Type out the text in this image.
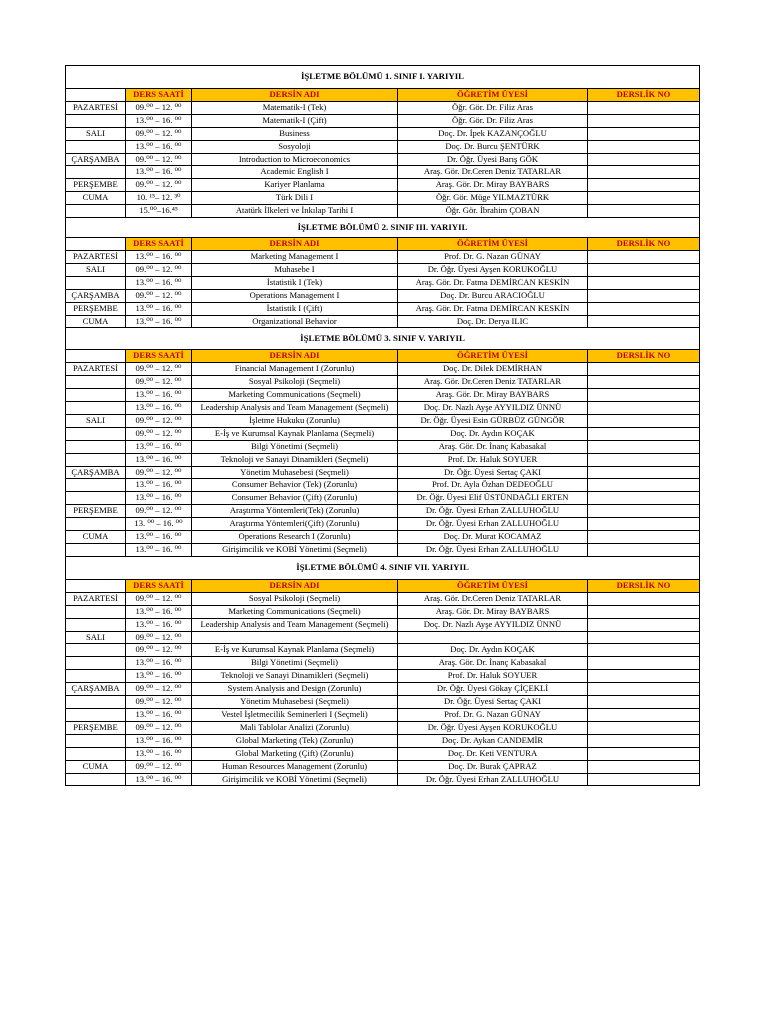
İŞLETME BÖLÜMÜ 1. SINIF I. YARIYIL				
	DERS SAATİ	DERSİN ADI	ÖĞRETİM ÜYESİ	DERSLİK NO
PAZARTESİ	09.⁰⁰ – 12. ⁰⁰	Matematik-I (Tek)	Öğr. Gör. Dr. Filiz Aras	
	13.⁰⁰ – 16. ⁰⁰	Matematik-I (Çift)	Öğr. Gör. Dr. Filiz Aras	
SALI	09.⁰⁰ – 12. ⁰⁰	Business	Doç. Dr. İpek KAZANÇOĞLU	
	13.⁰⁰ – 16. ⁰⁰	Sosyoloji	Doç. Dr. Burcu ŞENTÜRK	
ÇARŞAMBA	09.⁰⁰ – 12. ⁰⁰	Introduction to Microeconomics	Dr. Öğr. Üyesi Barış GÖK	
	13.⁰⁰ – 16. ⁰⁰	Academic English I	Araş. Gör. Dr.Ceren Deniz TATARLAR	
PERŞEMBE	09.⁰⁰ – 12. ⁰⁰	Kariyer Planlama	Araş. Gör. Dr. Miray BAYBARS	
CUMA	10. ¹⁵– 12. ³⁰	Türk Dili I	Öğr. Gör. Müge YILMAZTÜRK	
	15.⁰⁰–16.⁴⁵	Atatürk İlkeleri ve İnkılap Tarihi I	Öğr. Gör. İbrahim ÇOBAN	
İŞLETME BÖLÜMÜ 2. SINIF III. YARIYIL				
	DERS SAATİ	DERSİN ADI	ÖĞRETİM ÜYESİ	DERSLİK NO
PAZARTESİ	13.⁰⁰ – 16. ⁰⁰	Marketing Management I	Prof. Dr. G. Nazan GÜNAY	
SALI	09.⁰⁰ – 12. ⁰⁰	Muhasebe I	Dr. Öğr. Üyesi Ayşen KORUKOĞLU	
	13.⁰⁰ – 16. ⁰⁰	İstatistik I (Tek)	Araş. Gör. Dr. Fatma DEMİRCAN KESKİN	
ÇARŞAMBA	09.⁰⁰ – 12. ⁰⁰	Operations Management I	Doç. Dr. Burcu ARACIOĞLU	
PERŞEMBE	13.⁰⁰ – 16. ⁰⁰	İstatistik I (Çift)	Araş. Gör. Dr. Fatma DEMİRCAN KESKİN	
CUMA	13.⁰⁰ – 16. ⁰⁰	Organizational Behavior	Doç. Dr. Derya ILIC	
İŞLETME BÖLÜMÜ 3. SINIF V. YARIYIL				
	DERS SAATİ	DERSİN ADI	ÖĞRETİM ÜYESİ	DERSLİK NO
PAZARTESİ	09.⁰⁰ – 12. ⁰⁰	Financial Management I (Zorunlu)	Doç. Dr. Dilek DEMİRHAN	
	09.⁰⁰ – 12. ⁰⁰	Sosyal Psikoloji (Seçmeli)	Araş. Gör. Dr.Ceren Deniz TATARLAR	
	13.⁰⁰ – 16. ⁰⁰	Marketing Communications (Seçmeli)	Araş. Gör. Dr. Miray BAYBARS	
	13.⁰⁰ – 16. ⁰⁰	Leadership Analysis and Team Management (Seçmeli)	Doç. Dr. Nazlı Ayşe AYYILDIZ ÜNNÜ	
SALI	09.⁰⁰ – 12. ⁰⁰	İşletme Hukuku (Zorunlu)	Dr. Öğr. Üyesi Esin GÜRBÜZ GÜNGÖR	
	09.⁰⁰ – 12. ⁰⁰	E-İş ve Kurumsal Kaynak Planlama (Seçmeli)	Doç. Dr. Aydın KOÇAK	
	13.⁰⁰ – 16. ⁰⁰	Bilgi Yönetimi (Seçmeli)	Araş. Gör. Dr. İnanç Kabasakal	
	13.⁰⁰ – 16. ⁰⁰	Teknoloji ve Sanayi Dinamikleri (Seçmeli)	Prof. Dr. Haluk SOYUER	
ÇARŞAMBA	09.⁰⁰ – 12. ⁰⁰	Yönetim Muhasebesi (Seçmeli)	Dr. Öğr. Üyesi Sertaç ÇAKI	
	13.⁰⁰ – 16. ⁰⁰	Consumer Behavior (Tek) (Zorunlu)	Prof. Dr. Ayla Özhan DEDEOĞLU	
	13.⁰⁰ – 16. ⁰⁰	Consumer Behavior (Çift) (Zorunlu)	Dr. Öğr. Üyesi Elif ÜSTÜNDAĞLI ERTEN	
PERŞEMBE	09.⁰⁰ – 12. ⁰⁰	Araştırma Yöntemleri(Tek) (Zorunlu)	Dr. Öğr. Üyesi Erhan ZALLUHOĞLU	
	13. ⁰⁰ – 16. ⁰⁰	Araştırma Yöntemleri(Çift) (Zorunlu)	Dr. Öğr. Üyesi Erhan ZALLUHOĞLU	
CUMA	13.⁰⁰ – 16. ⁰⁰	Operations Research I (Zorunlu)	Doç. Dr. Murat KOCAMAZ	
	13.⁰⁰ – 16. ⁰⁰	Girişimcilik ve KOBİ Yönetimi (Seçmeli)	Dr. Öğr. Üyesi Erhan ZALLUHOĞLU	
İŞLETME BÖLÜMÜ 4. SINIF VII. YARIYIL				
	DERS SAATİ	DERSİN ADI	ÖĞRETİM ÜYESİ	DERSLİK NO
PAZARTESİ	09.⁰⁰ – 12. ⁰⁰	Sosyal Psikoloji (Seçmeli)	Araş. Gör. Dr.Ceren Deniz TATARLAR	
	13.⁰⁰ – 16. ⁰⁰	Marketing Communications (Seçmeli)	Araş. Gör. Dr. Miray BAYBARS	
	13.⁰⁰ – 16. ⁰⁰	Leadership Analysis and Team Management (Seçmeli)	Doç. Dr. Nazlı Ayşe AYYILDIZ ÜNNÜ	
SALI	09.⁰⁰ – 12. ⁰⁰			
	09.⁰⁰ – 12. ⁰⁰	E-İş ve Kurumsal Kaynak Planlama (Seçmeli)	Doç. Dr. Aydın KOÇAK	
	13.⁰⁰ – 16. ⁰⁰	Bilgi Yönetimi (Seçmeli)	Araş. Gör. Dr. İnanç Kabasakal	
	13.⁰⁰ – 16. ⁰⁰	Teknoloji ve Sanayi Dinamikleri (Seçmeli)	Prof. Dr. Haluk SOYUER	
ÇARŞAMBA	09.⁰⁰ – 12. ⁰⁰	System Analysis and Design (Zorunlu)	Dr. Öğr. Üyesi Gökay ÇİÇEKLİ	
	09.⁰⁰ – 12. ⁰⁰	Yönetim Muhasebesi (Seçmeli)	Dr. Öğr. Üyesi Sertaç ÇAKI	
	13.⁰⁰ – 16. ⁰⁰	Vestel İşletmecilik Seminerleri I (Seçmeli)	Prof. Dr. G. Nazan GÜNAY	
PERŞEMBE	09.⁰⁰ – 12. ⁰⁰	Mali Tablolar Analizi (Zorunlu)	Dr. Öğr. Üyesi Ayşen KORUKOĞLU	
	13.⁰⁰ – 16. ⁰⁰	Global Marketing (Tek) (Zorunlu)	Doç. Dr. Aykan CANDEMİR	
	13.⁰⁰ – 16. ⁰⁰	Global Marketing (Çift) (Zorunlu)	Doç. Dr. Keti VENTURA	
CUMA	09.⁰⁰ – 12. ⁰⁰	Human Resources Management (Zorunlu)	Doç. Dr. Burak ÇAPRAZ	
	13.⁰⁰ – 16. ⁰⁰	Girişimcilik ve KOBİ Yönetimi (Seçmeli)	Dr. Öğr. Üyesi Erhan ZALLUHOĞLU	
